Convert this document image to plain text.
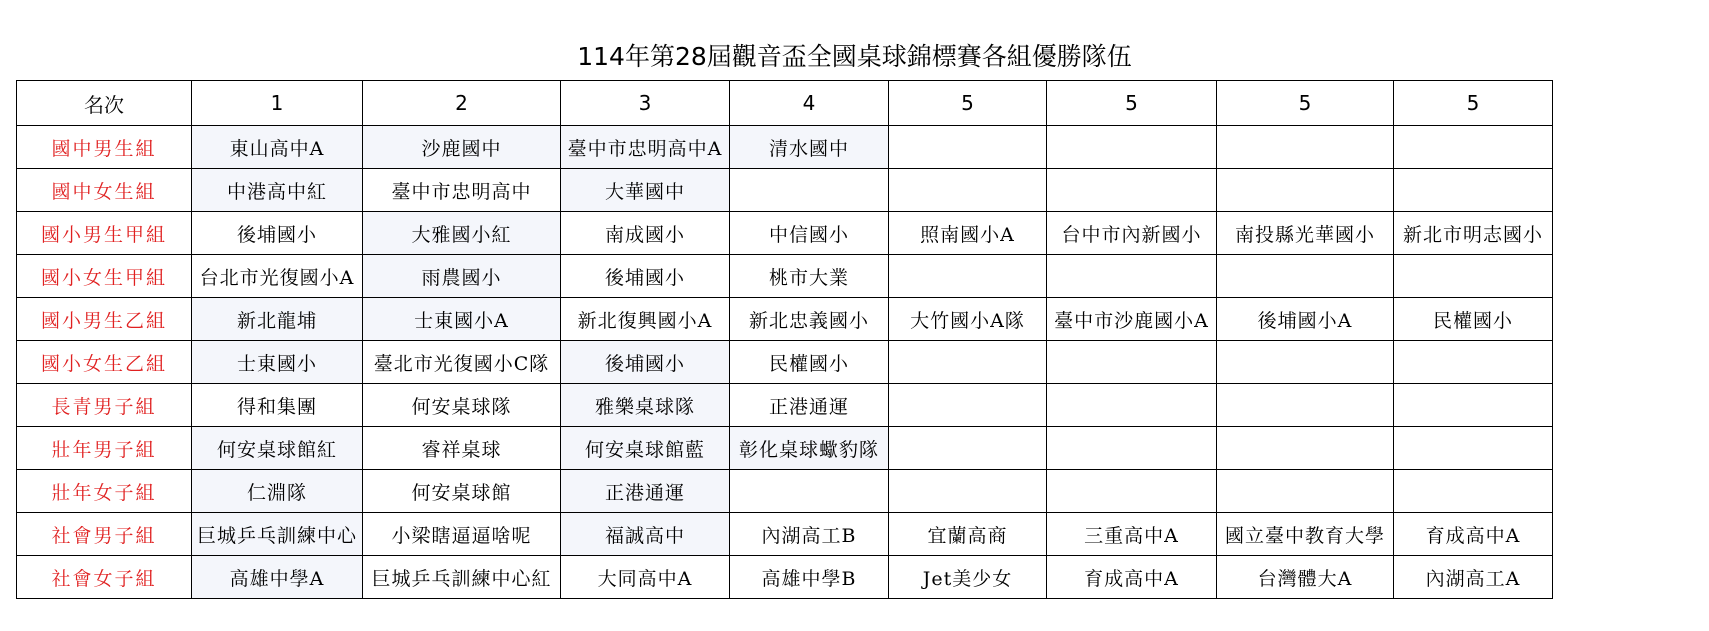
114年第28屆觀音盃全國桌球錦標賽各組優勝隊伍
名次	1	2	3	4	5	5	5	5
國中男生組	東山高中A	沙鹿國中	臺中市忠明高中A	清水國中				
國中女生組	中港高中紅	臺中市忠明高中	大華國中					
國小男生甲組	後埔國小	大雅國小紅	南成國小	中信國小	照南國小A	台中市內新國小	南投縣光華國小	新北市明志國小
國小女生甲組	台北市光復國小A	雨農國小	後埔國小	桃市大業				
國小男生乙組	新北龍埔	士東國小A	新北復興國小A	新北忠義國小	大竹國小A隊	臺中市沙鹿國小A	後埔國小A	民權國小
國小女生乙組	士東國小	臺北市光復國小C隊	後埔國小	民權國小				
長青男子組	得和集團	何安桌球隊	雅樂桌球隊	正港通運				
壯年男子組	何安桌球館紅	睿祥桌球	何安桌球館藍	彰化桌球蠍豹隊				
壯年女子組	仁淵隊	何安桌球館	正港通運					
社會男子組	巨城乒乓訓練中心	小梁瞎逼逼啥呢	福誠高中	內湖高工B	宜蘭高商	三重高中A	國立臺中教育大學	育成高中A
社會女子組	高雄中學A	巨城乒乓訓練中心紅	大同高中A	高雄中學B	Jet美少女	育成高中A	台灣體大A	內湖高工A
